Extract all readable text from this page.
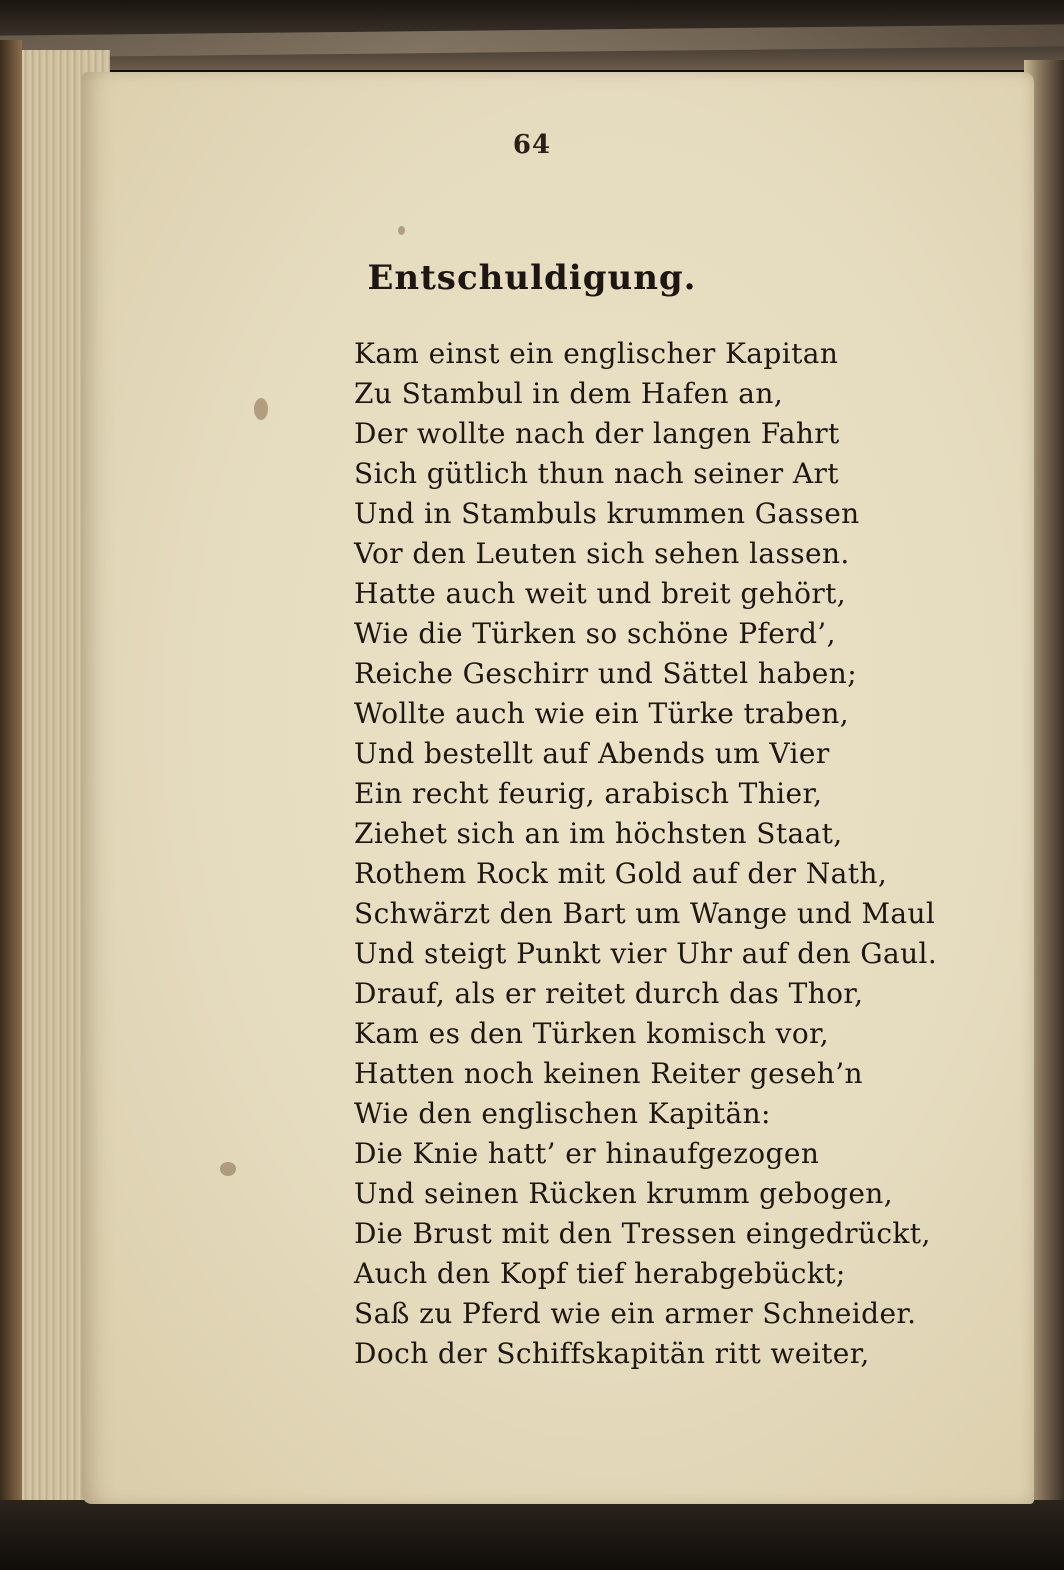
64
Entschuldigung.
Kam einst ein englischer Kapitan
Zu Stambul in dem Hafen an,
Der wollte nach der langen Fahrt
Sich gütlich thun nach seiner Art
Und in Stambuls krummen Gassen
Vor den Leuten sich sehen lassen.
Hatte auch weit und breit gehört,
Wie die Türken so schöne Pferd’,
Reiche Geschirr und Sättel haben;
Wollte auch wie ein Türke traben,
Und bestellt auf Abends um Vier
Ein recht feurig, arabisch Thier,
Ziehet sich an im höchsten Staat,
Rothem Rock mit Gold auf der Nath,
Schwärzt den Bart um Wange und Maul
Und steigt Punkt vier Uhr auf den Gaul.
Drauf, als er reitet durch das Thor,
Kam es den Türken komisch vor,
Hatten noch keinen Reiter geseh’n
Wie den englischen Kapitän:
Die Knie hatt’ er hinaufgezogen
Und seinen Rücken krumm gebogen,
Die Brust mit den Tressen eingedrückt,
Auch den Kopf tief herabgebückt;
Saß zu Pferd wie ein armer Schneider.
Doch der Schiffskapitän ritt weiter,
